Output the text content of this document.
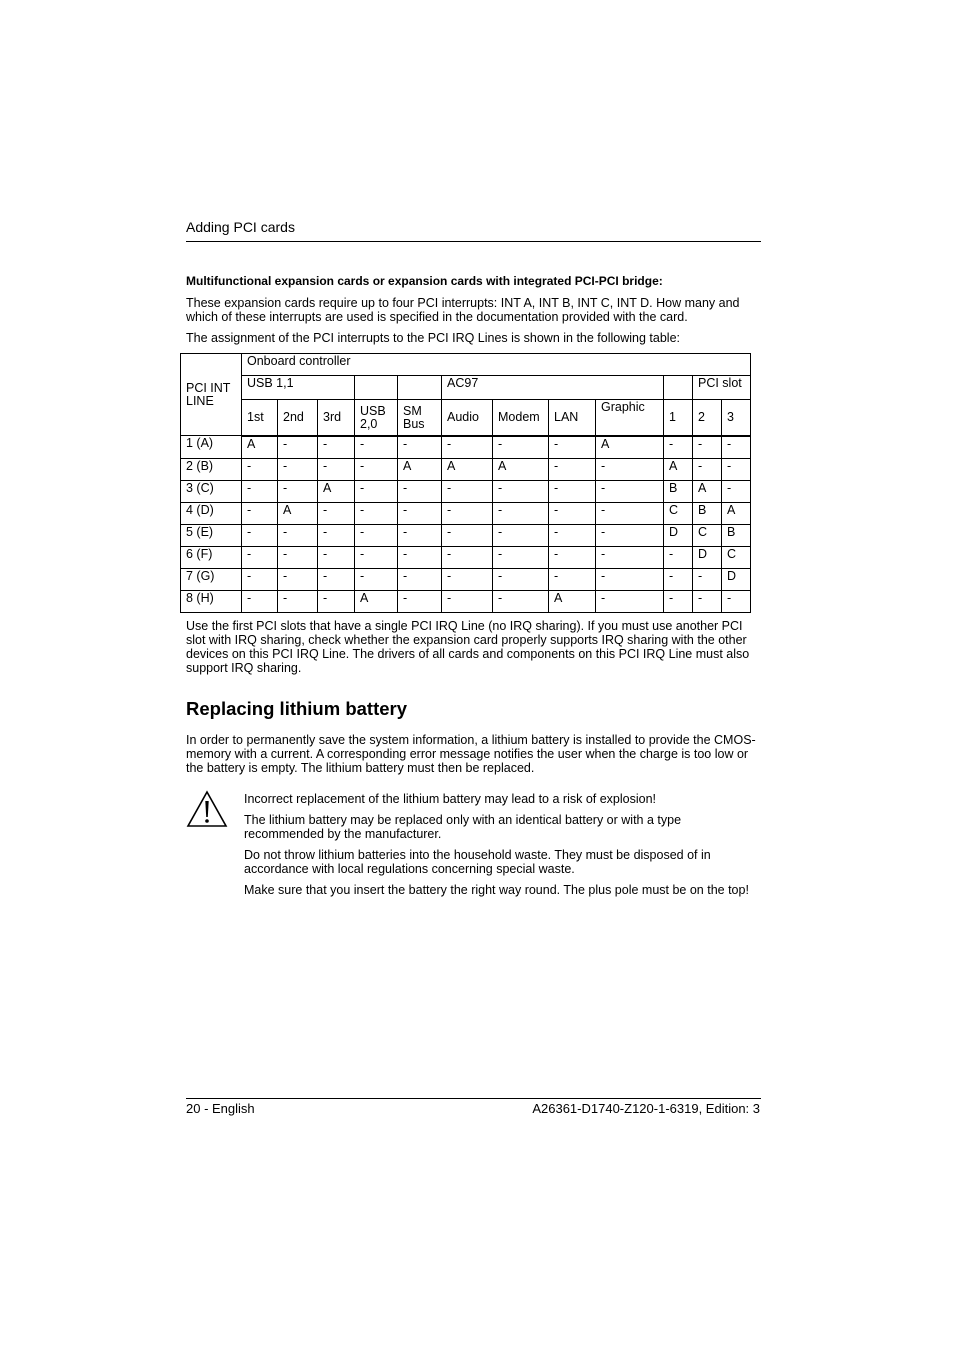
Adding PCI cards
Multifunctional expansion cards or expansion cards with integrated PCI-PCI bridge:
These expansion cards require up to four PCI interrupts: INT A, INT B, INT C, INT D. How many and which of these interrupts are used is specified in the documentation provided with the card.
The assignment of the PCI interrupts to the PCI IRQ Lines is shown in the following table:
PCI INT LINE	Onboard controller											
	USB 1,1					AC97					PCI slot	
	1st	2nd	3rd	USB 2,0	SM Bus	Audio	Modem	LAN	Graphic	1	2	3
1 (A)	A	-	-	-	-	-	-	-	A	-	-	-
2 (B)	-	-	-	-	A	A	A	-	-	A	-	-
3 (C)	-	-	A	-	-	-	-	-	-	B	A	-
4 (D)	-	A	-	-	-	-	-	-	-	C	B	A
5 (E)	-	-	-	-	-	-	-	-	-	D	C	B
6 (F)	-	-	-	-	-	-	-	-	-	-	D	C
7 (G)	-	-	-	-	-	-	-	-	-	-	-	D
8 (H)	-	-	-	A	-	-	-	A	-	-	-	-
Use the first PCI slots that have a single PCI IRQ Line (no IRQ sharing). If you must use another PCI slot with IRQ sharing, check whether the expansion card properly supports IRQ sharing with the other devices on this PCI IRQ Line. The drivers of all cards and components on this PCI IRQ Line must also support IRQ sharing.
Replacing lithium battery
In order to permanently save the system information, a lithium battery is installed to provide the CMOS-memory with a current. A corresponding error message notifies the user when the charge is too low or the battery is empty. The lithium battery must then be replaced.
Incorrect replacement of the lithium battery may lead to a risk of explosion!
The lithium battery may be replaced only with an identical battery or with a type recommended by the manufacturer.
Do not throw lithium batteries into the household waste. They must be disposed of in accordance with local regulations concerning special waste.
Make sure that you insert the battery the right way round. The plus pole must be on the top!
20 - English	A26361-D1740-Z120-1-6319, Edition: 3
